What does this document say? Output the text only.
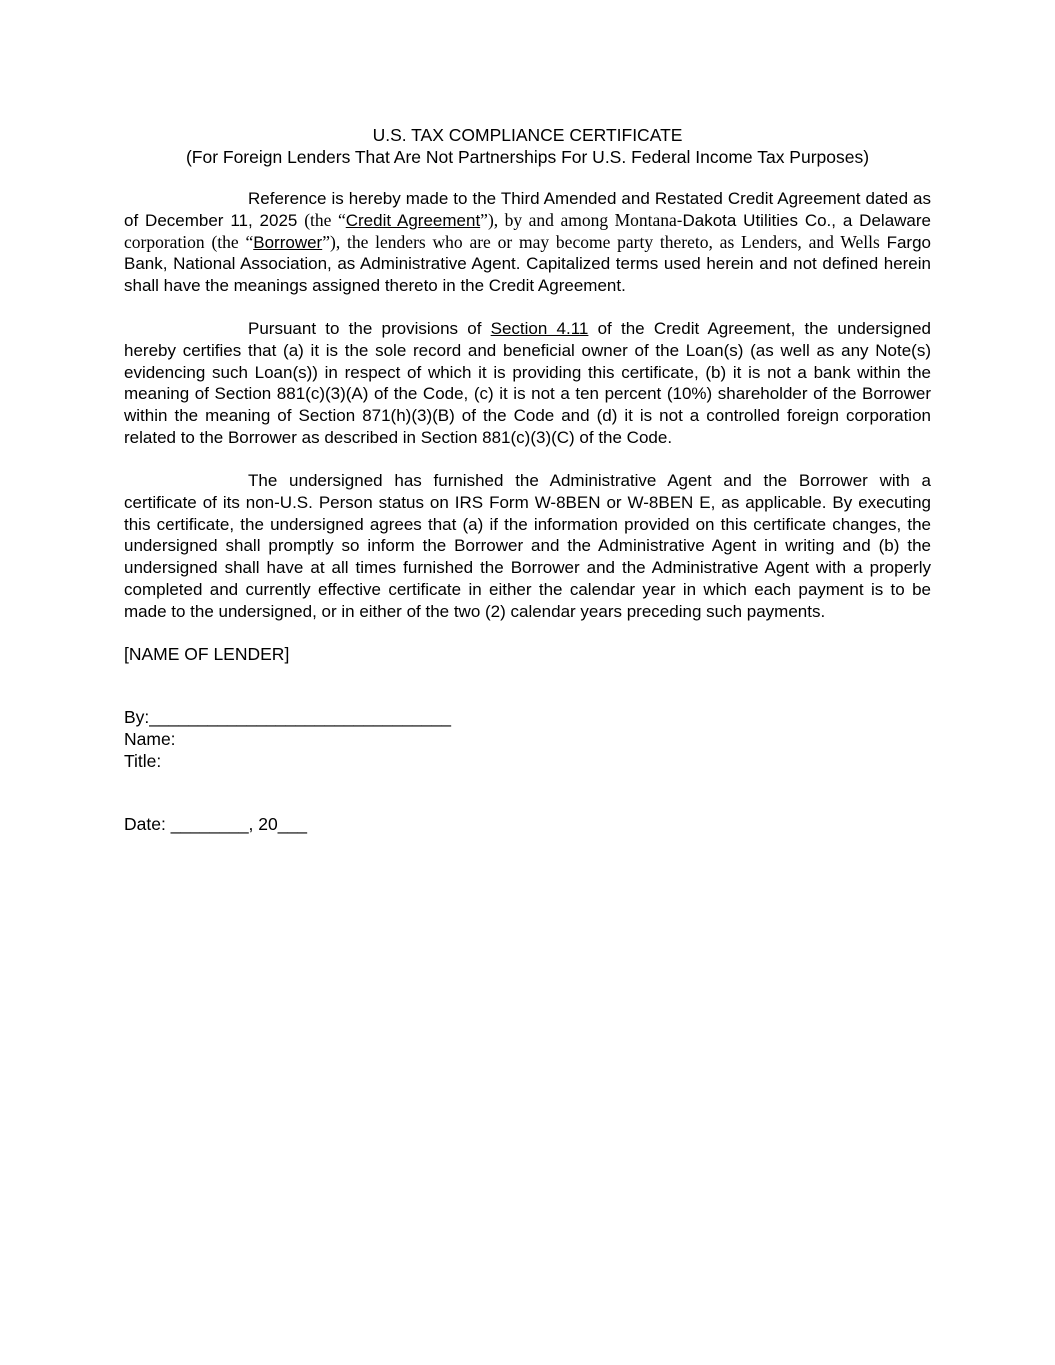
U.S. TAX COMPLIANCE CERTIFICATE
(For Foreign Lenders That Are Not Partnerships For U.S. Federal Income Tax Purposes)

Reference is hereby made to the Third Amended and Restated Credit Agreement dated as of December 11, 2025 (the “Credit Agreement”), by and among Montana-Dakota Utilities Co., a Delaware corporation (the “Borrower”), the lenders who are or may become party thereto, as Lenders, and Wells Fargo Bank, National Association, as Administrative Agent. Capitalized terms used herein and not defined herein shall have the meanings assigned thereto in the Credit Agreement.

Pursuant to the provisions of Section 4.11 of the Credit Agreement, the undersigned hereby certifies that (a) it is the sole record and beneficial owner of the Loan(s) (as well as any Note(s) evidencing such Loan(s)) in respect of which it is providing this certificate, (b) it is not a bank within the meaning of Section 881(c)(3)(A) of the Code, (c) it is not a ten percent (10%) shareholder of the Borrower within the meaning of Section 871(h)(3)(B) of the Code and (d) it is not a controlled foreign corporation related to the Borrower as described in Section 881(c)(3)(C) of the Code.

The undersigned has furnished the Administrative Agent and the Borrower with a certificate of its non-U.S. Person status on IRS Form W-8BEN or W-8BEN E, as applicable. By executing this certificate, the undersigned agrees that (a) if the information provided on this certificate changes, the undersigned shall promptly so inform the Borrower and the Administrative Agent in writing and (b) the undersigned shall have at all times furnished the Borrower and the Administrative Agent with a properly completed and currently effective certificate in either the calendar year in which each payment is to be made to the undersigned, or in either of the two (2) calendar years preceding such payments.

[NAME OF LENDER]
By:_______________________________
Name:
Title:
Date: ________, 20___
